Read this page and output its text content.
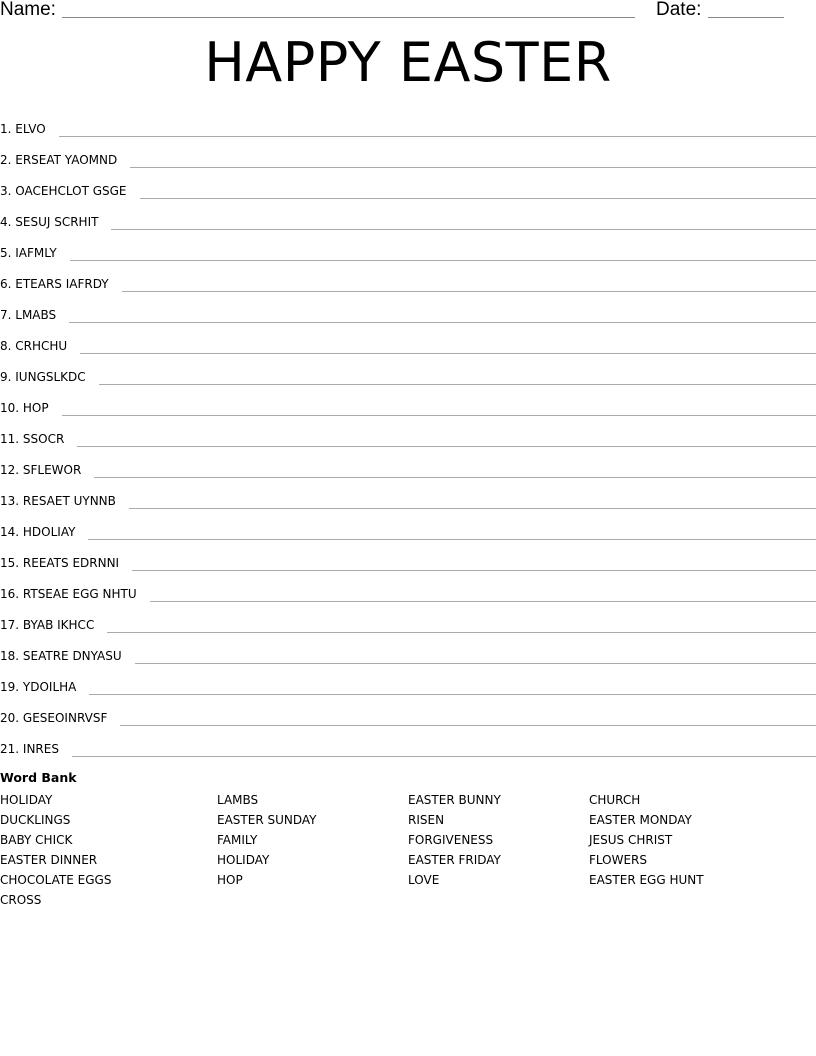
Name:	Date:
HAPPY EASTER
1. ELVO
2. ERSEAT YAOMND
3. OACEHCLOT GSGE
4. SESUJ SCRHIT
5. IAFMLY
6. ETEARS IAFRDY
7. LMABS
8. CRHCHU
9. IUNGSLKDC
10. HOP
11. SSOCR
12. SFLEWOR
13. RESAET UYNNB
14. HDOLIAY
15. REEATS EDRNNI
16. RTSEAE EGG NHTU
17. BYAB IKHCC
18. SEATRE DNYASU
19. YDOILHA
20. GESEOINRVSF
21. INRES
Word Bank
HOLIDAY
DUCKLINGS
BABY CHICK
EASTER DINNER
CHOCOLATE EGGS
CROSS
LAMBS
EASTER SUNDAY
FAMILY
HOLIDAY
HOP
EASTER BUNNY
RISEN
FORGIVENESS
EASTER FRIDAY
LOVE
CHURCH
EASTER MONDAY
JESUS CHRIST
FLOWERS
EASTER EGG HUNT
